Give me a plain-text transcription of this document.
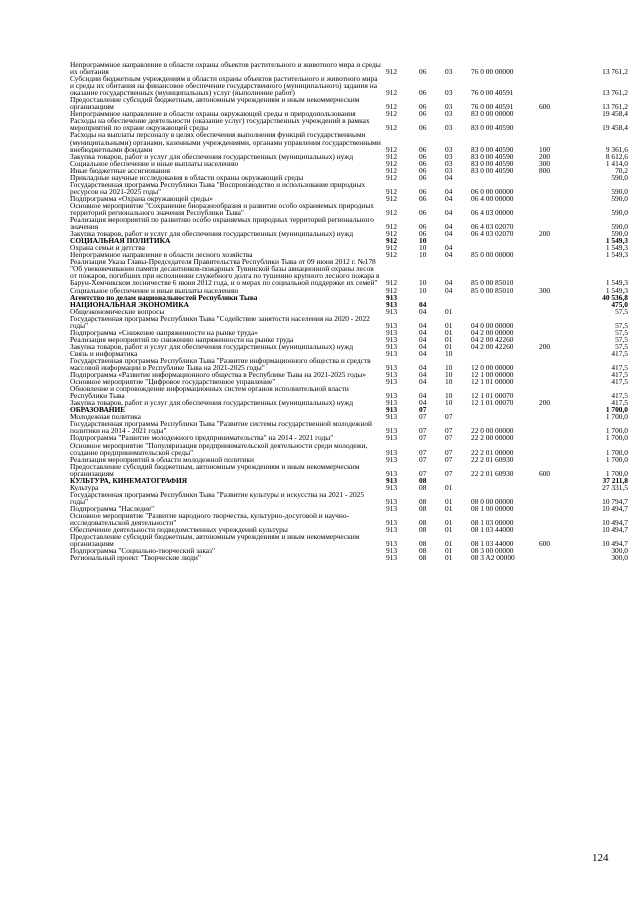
Непрограммное направление в области охраны объектов растительного и животного мира и среды их обитания	912	06	03	76 0 00 00000		13 761,2
Субсидии бюджетным учреждениям в области охраны объектов растительного и животного мира и среды их обитания на финансовое обеспечение государственного (муниципального) задания на оказание государственных (муниципальных) услуг (выполнение работ)	912	06	03	76 0 00 40591		13 761,2
Предоставление субсидий бюджетным, автономным учреждениям и иным некоммерческим организациям	912	06	03	76 0 00 40591	600	13 761,2
Непрограммное направление в области охраны окружающей среды и природопользования	912	06	03	83 0 00 00000		19 458,4
Расходы на обеспечение деятельности (оказание услуг) государственных учреждений в рамках мероприятий по охране окружающей среды	912	06	03	83 0 00 40590		19 458,4
Расходы на выплаты персоналу в целях обеспечения выполнения функций государственными (муниципальными) органами, казенными учреждениями, органами управления государственными внебюджетными фондами	912	06	03	83 0 00 40590	100	9 361,6
Закупка товаров, работ и услуг для обеспечения государственных (муниципальных) нужд	912	06	03	83 0 00 40590	200	8 612,6
Социальное обеспечение и иные выплаты населению	912	06	03	83 0 00 40590	300	1 414,0
Иные бюджетные ассигнования	912	06	03	83 0 00 40590	800	70,2
Прикладные научные исследования в области охраны окружающей среды	912	06	04			590,0
Государственная программа Республики Тыва "Воспроизводство и использование природных ресурсов на 2021-2025 годы"	912	06	04	06 0 00 00000		590,0
Подпрограмма «Охрана окружающей среды»	912	06	04	06 4 00 00000		590,0
Основное мероприятие "Сохранение биоразнообразия и развитие особо охраняемых природных территорий регионального значения Республики Тыва"	912	06	04	06 4 03 00000		590,0
Реализация мероприятий по развитию особо охраняемых природных территорий регионального значения	912	06	04	06 4 03 02070		590,0
Закупка товаров, работ и услуг для обеспечения государственных (муниципальных) нужд	912	06	04	06 4 03 02070	200	590,0
СОЦИАЛЬНАЯ ПОЛИТИКА	912	10				1 549,3
Охрана семьи и детства	912	10	04			1 549,3
Непрограммное направление в области лесного хозяйства	912	10	04	85 0 00 00000		1 549,3
Реализация Указа Главы-Председателя Правительства Республики Тыва от 09 июня 2012 г. №178 "Об увековечивании памяти десантников-пожарных Тувинской базы авиационной охраны лесов от пожаров, погибших при исполнении служебного долга по тушению крупного лесного пожара в Барун-Хемчикском лесничестве 6 июня 2012 года, и о мерах по социальной поддержке их семей"	912	10	04	85 0 00 85010		1 549,3
Социальное обеспечение и иные выплаты населению	912	10	04	85 0 00 85010	300	1 549,3
Агентство по делам национальностей Республики Тыва	913					40 536,8
НАЦИОНАЛЬНАЯ ЭКОНОМИКА	913	04				475,0
Общеэкономические вопросы	913	04	01			57,5
Государственная программа Республики Тыва "Содействие занятости населения на 2020 - 2022 годы"	913	04	01	04 0 00 00000		57,5
Подпрограмма «Снижение напряженности на рынке труда»	913	04	01	04 2 00 00000		57,5
Реализация мероприятий по снижению напряженности на рынке труда	913	04	01	04 2 00 42260		57,5
Закупка товаров, работ и услуг для обеспечения государственных (муниципальных) нужд	913	04	01	04 2 00 42260	200	57,5
Связь и информатика	913	04	10			417,5
Государственная программа Республики Тыва "Развитие информационного общества и средств массовой информации в Республике Тыва на 2021-2025 годы"	913	04	10	12 0 00 00000		417,5
Подпрограмма «Развитие информационного общества в Республике Тыва на 2021-2025 годы»	913	04	10	12 1 00 00000		417,5
Основное мероприятие "Цифровое государственное управление"	913	04	10	12 1 01 00000		417,5
Обновление и сопровождение информационных систем органов исполнительной власти Республики Тыва	913	04	10	12 1 01 00070		417,5
Закупка товаров, работ и услуг для обеспечения государственных (муниципальных) нужд	913	04	10	12 1 01 00070	200	417,5
ОБРАЗОВАНИЕ	913	07				1 700,0
Молодежная политика	913	07	07			1 700,0
Государственная программа Республики Тыва "Развитие системы государственной молодежной политики на 2014 - 2021 годы"	913	07	07	22 0 00 00000		1 700,0
Подпрограмма "Развитие молодежного предпринимательства" на 2014 - 2021 годы"	913	07	07	22 2 00 00000		1 700,0
Основное мероприятие "Популяризация предпринимательской деятельности среди молодежи, создание предпринимательской среды"	913	07	07	22 2 01 00000		1 700,0
Реализация мероприятий в области молодежной политики	913	07	07	22 2 01 60930		1 700,0
Предоставление субсидий бюджетным, автономным учреждениям и иным некоммерческим организациям	913	07	07	22 2 01 60930	600	1 700,0
КУЛЬТУРА, КИНЕМАТОГРАФИЯ	913	08				37 211,8
Культура	913	08	01			27 331,5
Государственная программа Республики Тыва "Развитие культуры и искусства на 2021 - 2025 годы"	913	08	01	08 0 00 00000		10 794,7
Подпрограмма "Наследие"	913	08	01	08 1 00 00000		10 494,7
Основное мероприятие "Развитие народного творчества, культурно-досуговой и научно-исследовательской деятельности"	913	08	01	08 1 03 00000		10 494,7
Обеспечение деятельности подведомственных учреждений культуры	913	08	01	08 1 03 44000		10 494,7
Предоставление субсидий бюджетным, автономным учреждениям и иным некоммерческим организациям	913	08	01	08 1 03 44000	600	10 494,7
Подпрограмма "Социально-творческий заказ"	913	08	01	08 3 00 00000		300,0
Региональный проект "Творческие люди"	913	08	01	08 3 A2 00000		300,0
124
